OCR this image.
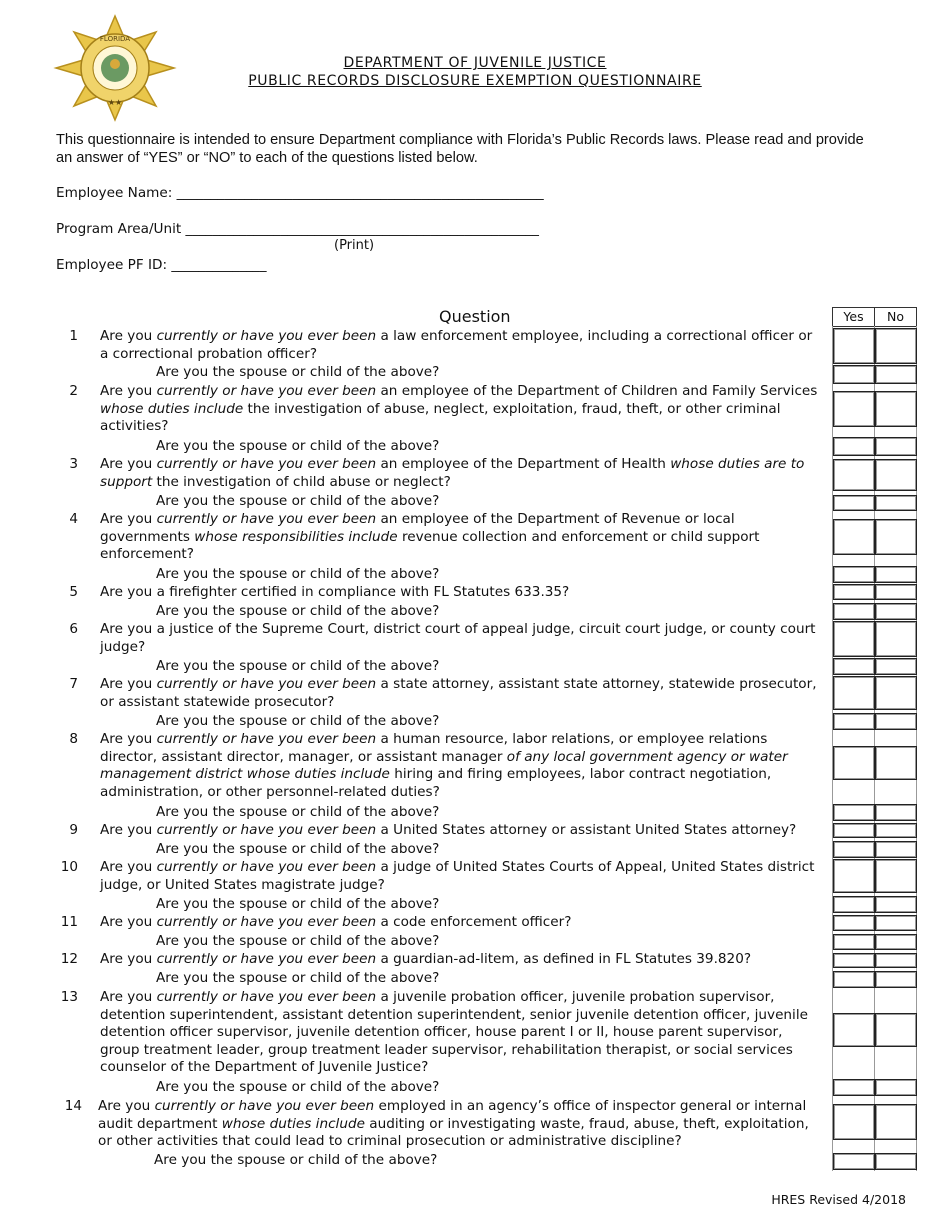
FLORIDA
★★
DEPARTMENT OF JUVENILE JUSTICE
PUBLIC RECORDS DISCLOSURE EXEMPTION QUESTIONNAIRE
This questionnaire is intended to ensure Department compliance with Florida’s Public Records laws. Please read and provide an answer of “YES” or “NO” to each of the questions listed below.
Employee Name: ______________________________________________________
Program Area/Unit ____________________________________________________
(Print)
Employee PF ID: ______________
Question	Yes	No
1 Are you currently or have you ever been a law enforcement employee, including a correctional officer or a correctional probation officer?
Are you the spouse or child of the above?
2 Are you currently or have you ever been an employee of the Department of Children and Family Services whose duties include the investigation of abuse, neglect, exploitation, fraud, theft, or other criminal activities?
Are you the spouse or child of the above?
3 Are you currently or have you ever been an employee of the Department of Health whose duties are to support the investigation of child abuse or neglect?
Are you the spouse or child of the above?
4 Are you currently or have you ever been an employee of the Department of Revenue or local governments whose responsibilities include revenue collection and enforcement or child support enforcement?
Are you the spouse or child of the above?
5 Are you a firefighter certified in compliance with FL Statutes 633.35?
Are you the spouse or child of the above?
6 Are you a justice of the Supreme Court, district court of appeal judge, circuit court judge, or county court judge?
Are you the spouse or child of the above?
7 Are you currently or have you ever been a state attorney, assistant state attorney, statewide prosecutor, or assistant statewide prosecutor?
Are you the spouse or child of the above?
8 Are you currently or have you ever been a human resource, labor relations, or employee relations director, assistant director, manager, or assistant manager of any local government agency or water management district whose duties include hiring and firing employees, labor contract negotiation, administration, or other personnel-related duties?
Are you the spouse or child of the above?
9 Are you currently or have you ever been a United States attorney or assistant United States attorney?
Are you the spouse or child of the above?
10 Are you currently or have you ever been a judge of United States Courts of Appeal, United States district judge, or United States magistrate judge?
Are you the spouse or child of the above?
11 Are you currently or have you ever been a code enforcement officer?
Are you the spouse or child of the above?
12 Are you currently or have you ever been a guardian-ad-litem, as defined in FL Statutes 39.820?
Are you the spouse or child of the above?
13 Are you currently or have you ever been a juvenile probation officer, juvenile probation supervisor, detention superintendent, assistant detention superintendent, senior juvenile detention officer, juvenile detention officer supervisor, juvenile detention officer, house parent I or II, house parent supervisor, group treatment leader, group treatment leader supervisor, rehabilitation therapist, or social services counselor of the Department of Juvenile Justice?
Are you the spouse or child of the above?
14 Are you currently or have you ever been employed in an agency’s office of inspector general or internal audit department whose duties include auditing or investigating waste, fraud, abuse, theft, exploitation, or other activities that could lead to criminal prosecution or administrative discipline?
Are you the spouse or child of the above?
HRES Revised 4/2018
